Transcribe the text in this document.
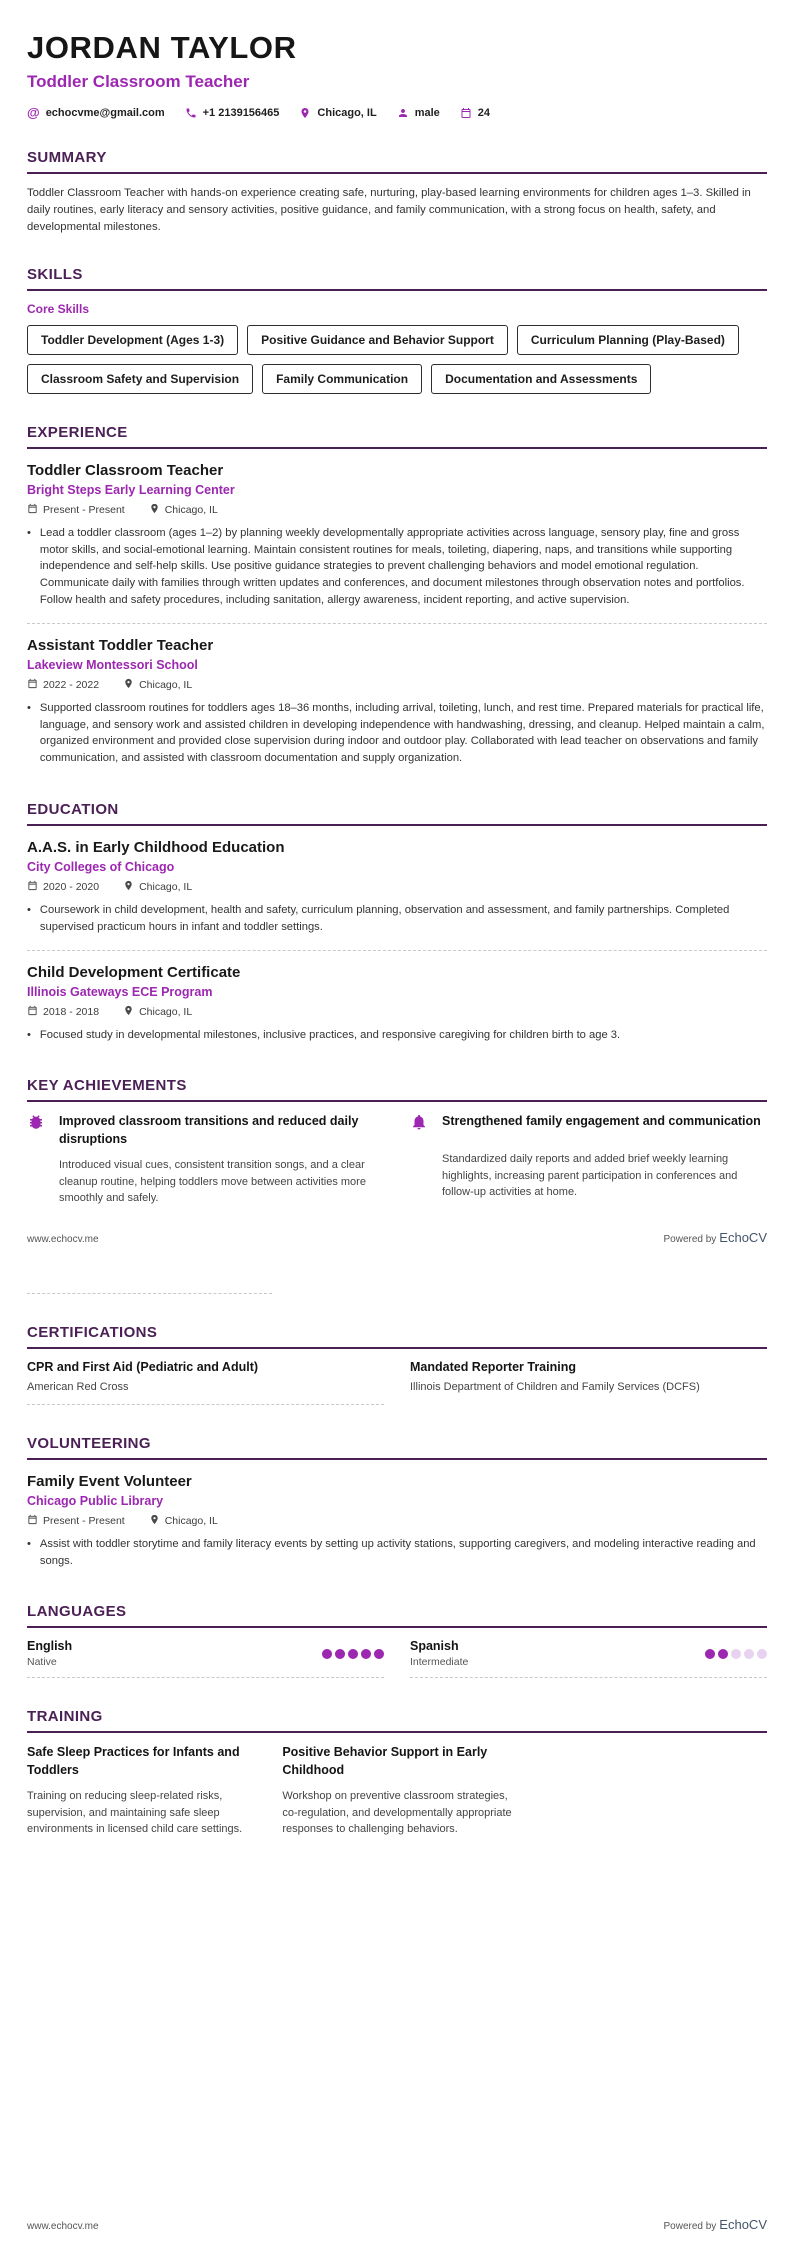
JORDAN TAYLOR
Toddler Classroom Teacher
@ echocvme@gmail.com	+1 2139156465	Chicago, IL	male	24
SUMMARY

Toddler Classroom Teacher with hands-on experience creating safe, nurturing, play-based learning environments for children ages 1–3. Skilled in daily routines, early literacy and sensory activities, positive guidance, and family communication, with a strong focus on health, safety, and developmental milestones.

SKILLS
Core Skills
Toddler Development (Ages 1-3)	Positive Guidance and Behavior Support	Curriculum Planning (Play-Based)
Classroom Safety and Supervision	Family Communication	Documentation and Assessments
EXPERIENCE
Toddler Classroom Teacher
Bright Steps Early Learning Center
Present - Present	Chicago, IL
• Lead a toddler classroom (ages 1–2) by planning weekly developmentally appropriate activities across language, sensory play, fine and gross motor skills, and social-emotional learning. Maintain consistent routines for meals, toileting, diapering, naps, and transitions while supporting independence and self-help skills. Use positive guidance strategies to prevent challenging behaviors and model emotional regulation. Communicate daily with families through written updates and conferences, and document milestones through observation notes and portfolios. Follow health and safety procedures, including sanitation, allergy awareness, incident reporting, and active supervision.
Assistant Toddler Teacher
Lakeview Montessori School
2022 - 2022	Chicago, IL
• Supported classroom routines for toddlers ages 18–36 months, including arrival, toileting, lunch, and rest time. Prepared materials for practical life, language, and sensory work and assisted children in developing independence with handwashing, dressing, and cleanup. Helped maintain a calm, organized environment and provided close supervision during indoor and outdoor play. Collaborated with lead teacher on observations and family communication, and assisted with classroom documentation and supply organization.
EDUCATION
A.A.S. in Early Childhood Education
City Colleges of Chicago
2020 - 2020	Chicago, IL
• Coursework in child development, health and safety, curriculum planning, observation and assessment, and family partnerships. Completed supervised practicum hours in infant and toddler settings.
Child Development Certificate
Illinois Gateways ECE Program
2018 - 2018	Chicago, IL
• Focused study in developmental milestones, inclusive practices, and responsive caregiving for children birth to age 3.
KEY ACHIEVEMENTS
Improved classroom transitions and reduced daily disruptions
Introduced visual cues, consistent transition songs, and a clear cleanup routine, helping toddlers move between activities more smoothly and safely.
Strengthened family engagement and communication
Standardized daily reports and added brief weekly learning highlights, increasing parent participation in conferences and follow-up activities at home.
www.echocv.me	Powered by EchoCV
CERTIFICATIONS
CPR and First Aid (Pediatric and Adult)
American Red Cross
Mandated Reporter Training
Illinois Department of Children and Family Services (DCFS)
VOLUNTEERING
Family Event Volunteer
Chicago Public Library
Present - Present	Chicago, IL
• Assist with toddler storytime and family literacy events by setting up activity stations, supporting caregivers, and modeling interactive reading and songs.
LANGUAGES
English
Native
Spanish
Intermediate
TRAINING
Safe Sleep Practices for Infants and Toddlers
Training on reducing sleep-related risks, supervision, and maintaining safe sleep environments in licensed child care settings.
Positive Behavior Support in Early Childhood
Workshop on preventive classroom strategies, co-regulation, and developmentally appropriate responses to challenging behaviors.
www.echocv.me	Powered by EchoCV
